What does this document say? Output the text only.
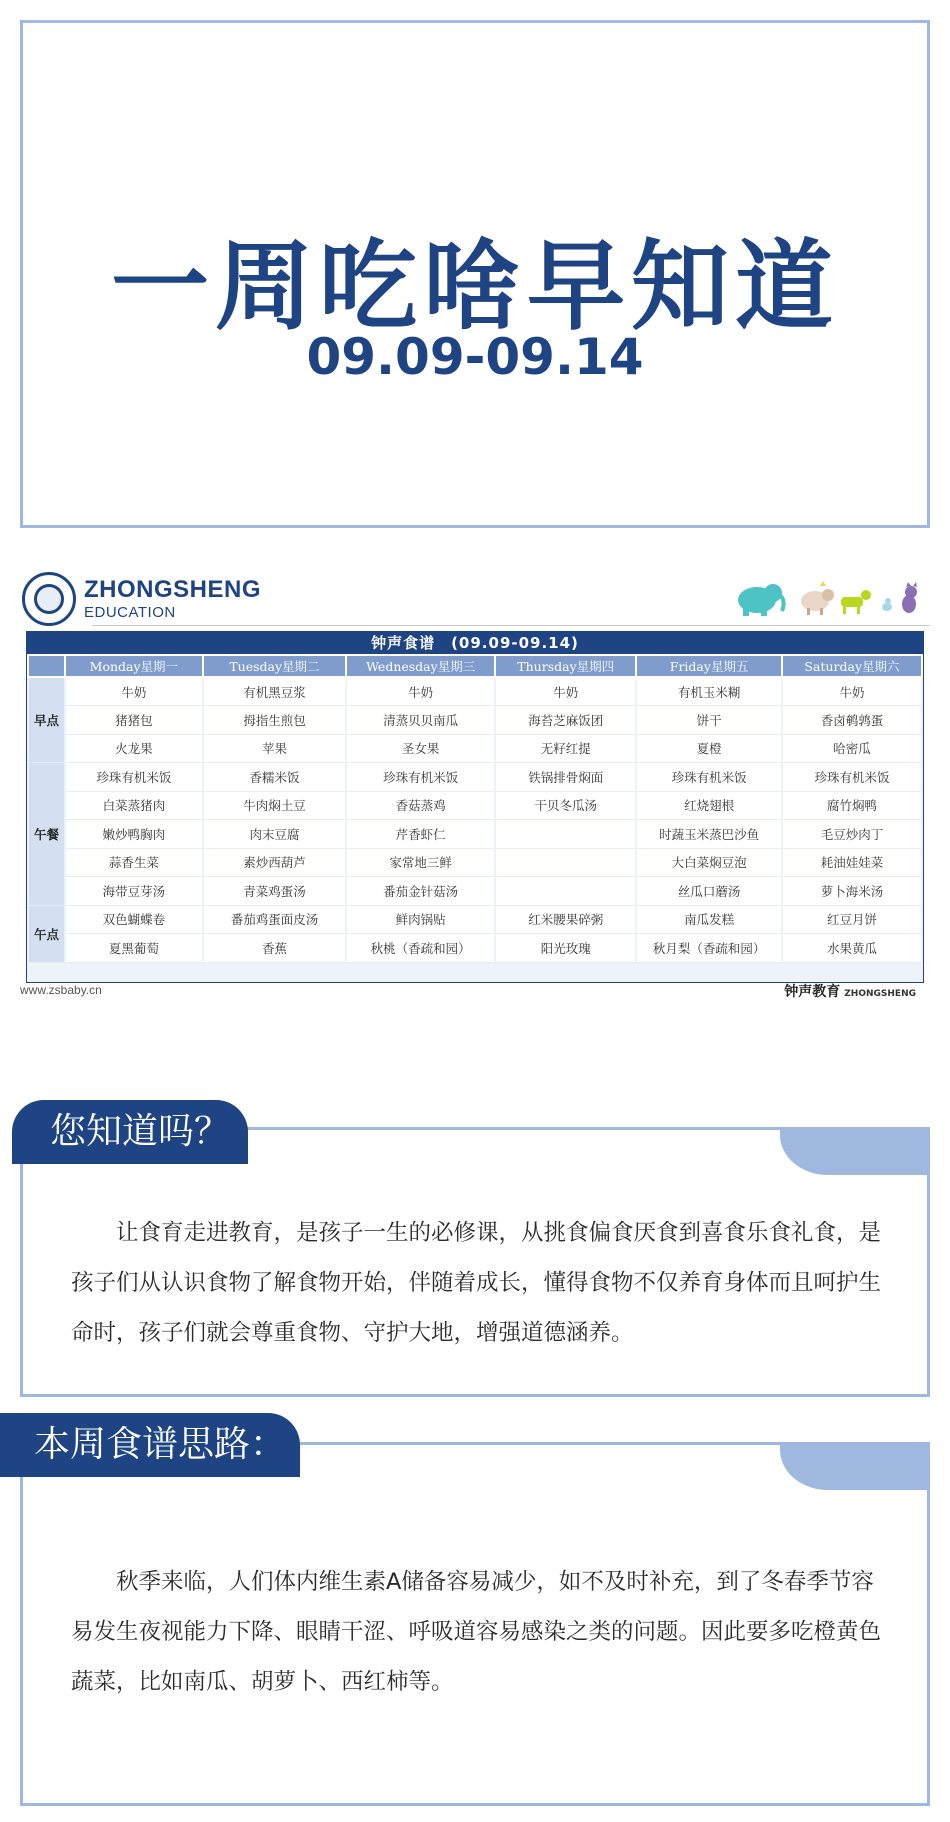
一周吃啥早知道
09.09-09.14
ZHONGSHENG
EDUCATION
钟声食谱　(09.09-09.14)
	Monday星期一	Tuesday星期二	Wednesday星期三	Thursday星期四	Friday星期五	Saturday星期六
早点	牛奶	有机黑豆浆	牛奶	牛奶	有机玉米糊	牛奶
	猪猪包	拇指生煎包	清蒸贝贝南瓜	海苔芝麻饭团	饼干	香卤鹌鹑蛋
	火龙果	苹果	圣女果	无籽红提	夏橙	哈密瓜
午餐	珍珠有机米饭	香糯米饭	珍珠有机米饭	铁锅排骨焖面	珍珠有机米饭	珍珠有机米饭
	白菜蒸猪肉	牛肉焖土豆	香菇蒸鸡	干贝冬瓜汤	红烧翅根	腐竹焖鸭
	嫩炒鸭胸肉	肉末豆腐	芹香虾仁		时蔬玉米蒸巴沙鱼	毛豆炒肉丁
	蒜香生菜	素炒西葫芦	家常地三鲜		大白菜焖豆泡	耗油娃娃菜
	海带豆芽汤	青菜鸡蛋汤	番茄金针菇汤		丝瓜口蘑汤	萝卜海米汤
午点	双色蝴蝶卷	番茄鸡蛋面皮汤	鲜肉锅贴	红米腰果碎粥	南瓜发糕	红豆月饼
	夏黑葡萄	香蕉	秋桃（香疏和园）	阳光玫瑰	秋月梨（香疏和园）	水果黄瓜
www.zsbaby.cn	钟声教育 ZHONGSHENG
让食育走进教育，是孩子一生的必修课，从挑食偏食厌食到喜食乐食礼食，是孩子们从认识食物了解食物开始，伴随着成长，懂得食物不仅养育身体而且呵护生命时，孩子们就会尊重食物、守护大地，增强道德涵养。
您知道吗？
秋季来临，人们体内维生素A储备容易减少，如不及时补充，到了冬春季节容易发生夜视能力下降、眼睛干涩、呼吸道容易感染之类的问题。因此要多吃橙黄色蔬菜，比如南瓜、胡萝卜、西红柿等。
本周食谱思路：
